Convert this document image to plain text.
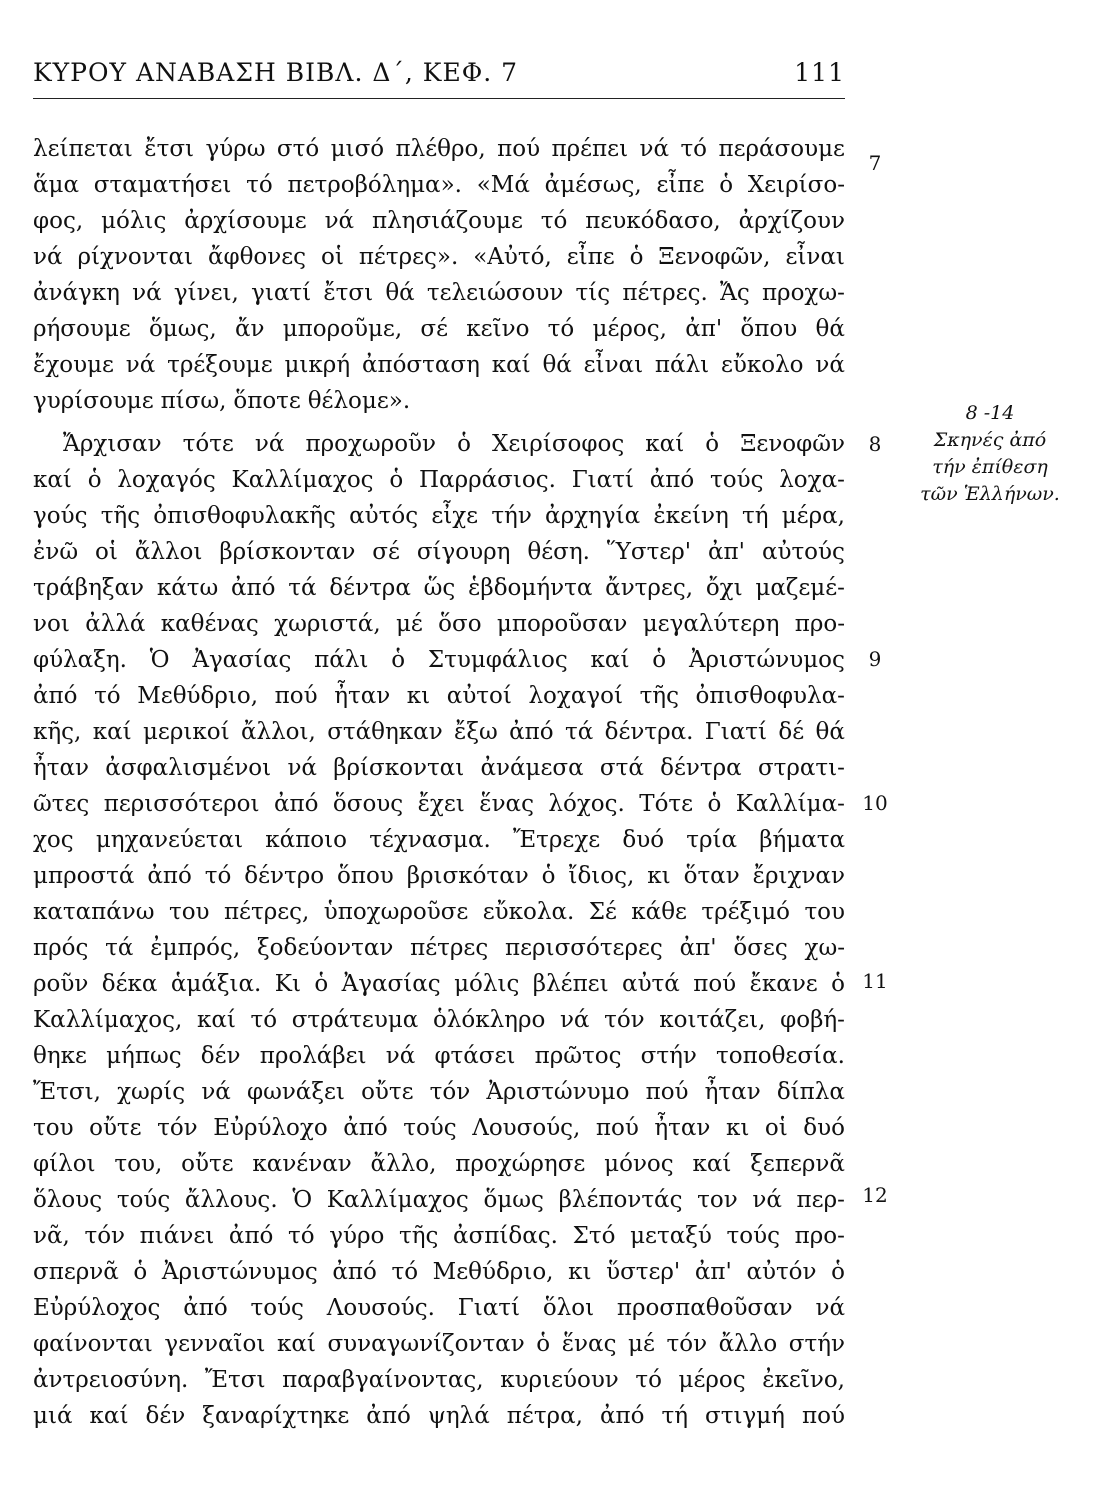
ΚΥΡΟΥ ΑΝΑΒΑΣΗ ΒΙΒΛ. Δ΄, ΚΕΦ. 7	111
λείπεται ἔτσι γύρω στό μισό πλέθρο, πού πρέπει νά τό περάσουμε
ἅμα σταματήσει τό πετροβόλημα». «Μά ἀμέσως, εἶπε ὁ Χειρίσο-
φος, μόλις ἀρχίσουμε νά πλησιάζουμε τό πευκόδασο, ἀρχίζουν
νά ρίχνονται ἄφθονες οἱ πέτρες». «Αὐτό, εἶπε ὁ Ξενοφῶν, εἶναι
ἀνάγκη νά γίνει, γιατί ἔτσι θά τελειώσουν τίς πέτρες. Ἄς προχω-
ρήσουμε ὅμως, ἄν μποροῦμε, σέ κεῖνο τό μέρος, ἀπ' ὅπου θά
ἔχουμε νά τρέξουμε μικρή ἀπόσταση καί θά εἶναι πάλι εὔκολο νά
γυρίσουμε πίσω, ὅποτε θέλομε».
Ἄρχισαν τότε νά προχωροῦν ὁ Χειρίσοφος καί ὁ Ξενοφῶν
καί ὁ λοχαγός Καλλίμαχος ὁ Παρράσιος. Γιατί ἀπό τούς λοχα-
γούς τῆς ὀπισθοφυλακῆς αὐτός εἶχε τήν ἀρχηγία ἐκείνη τή μέρα,
ἐνῶ οἱ ἄλλοι βρίσκονταν σέ σίγουρη θέση. Ὕστερ' ἀπ' αὐτούς
τράβηξαν κάτω ἀπό τά δέντρα ὥς ἑβδομήντα ἄντρες, ὄχι μαζεμέ-
νοι ἀλλά καθένας χωριστά, μέ ὅσο μποροῦσαν μεγαλύτερη προ-
φύλαξη. Ὁ Ἀγασίας πάλι ὁ Στυμφάλιος καί ὁ Ἀριστώνυμος
ἀπό τό Μεθύδριο, πού ἦταν κι αὐτοί λοχαγοί τῆς ὀπισθοφυλα-
κῆς, καί μερικοί ἄλλοι, στάθηκαν ἔξω ἀπό τά δέντρα. Γιατί δέ θά
ἦταν ἀσφαλισμένοι νά βρίσκονται ἀνάμεσα στά δέντρα στρατι-
ῶτες περισσότεροι ἀπό ὅσους ἔχει ἕνας λόχος. Τότε ὁ Καλλίμα-
χος μηχανεύεται κάποιο τέχνασμα. Ἔτρεχε δυό τρία βήματα
μπροστά ἀπό τό δέντρο ὅπου βρισκόταν ὁ ἴδιος, κι ὅταν ἔριχναν
καταπάνω του πέτρες, ὑποχωροῦσε εὔκολα. Σέ κάθε τρέξιμό του
πρός τά ἐμπρός, ξοδεύονταν πέτρες περισσότερες ἀπ' ὅσες χω-
ροῦν δέκα ἁμάξια. Κι ὁ Ἀγασίας μόλις βλέπει αὐτά πού ἔκανε ὁ
Καλλίμαχος, καί τό στράτευμα ὁλόκληρο νά τόν κοιτάζει, φοβή-
θηκε μήπως δέν προλάβει νά φτάσει πρῶτος στήν τοποθεσία.
Ἔτσι, χωρίς νά φωνάξει οὔτε τόν Ἀριστώνυμο πού ἦταν δίπλα
του οὔτε τόν Εὐρύλοχο ἀπό τούς Λουσούς, πού ἦταν κι οἱ δυό
φίλοι του, οὔτε κανέναν ἄλλο, προχώρησε μόνος καί ξεπερνᾶ
ὅλους τούς ἄλλους. Ὁ Καλλίμαχος ὅμως βλέποντάς τον νά περ-
νᾶ, τόν πιάνει ἀπό τό γύρο τῆς ἀσπίδας. Στό μεταξύ τούς προ-
σπερνᾶ ὁ Ἀριστώνυμος ἀπό τό Μεθύδριο, κι ὕστερ' ἀπ' αὐτόν ὁ
Εὐρύλοχος ἀπό τούς Λουσούς. Γιατί ὅλοι προσπαθοῦσαν νά
φαίνονται γενναῖοι καί συναγωνίζονταν ὁ ἕνας μέ τόν ἄλλο στήν
ἀντρειοσύνη. Ἔτσι παραβγαίνοντας, κυριεύουν τό μέρος ἐκεῖνο,
μιά καί δέν ξαναρίχτηκε ἀπό ψηλά πέτρα, ἀπό τή στιγμή πού
7
8
9
10
11
12
8 -14
Σκηνές ἀπό
τήν ἐπίθεση
τῶν Ἑλλήνων.
